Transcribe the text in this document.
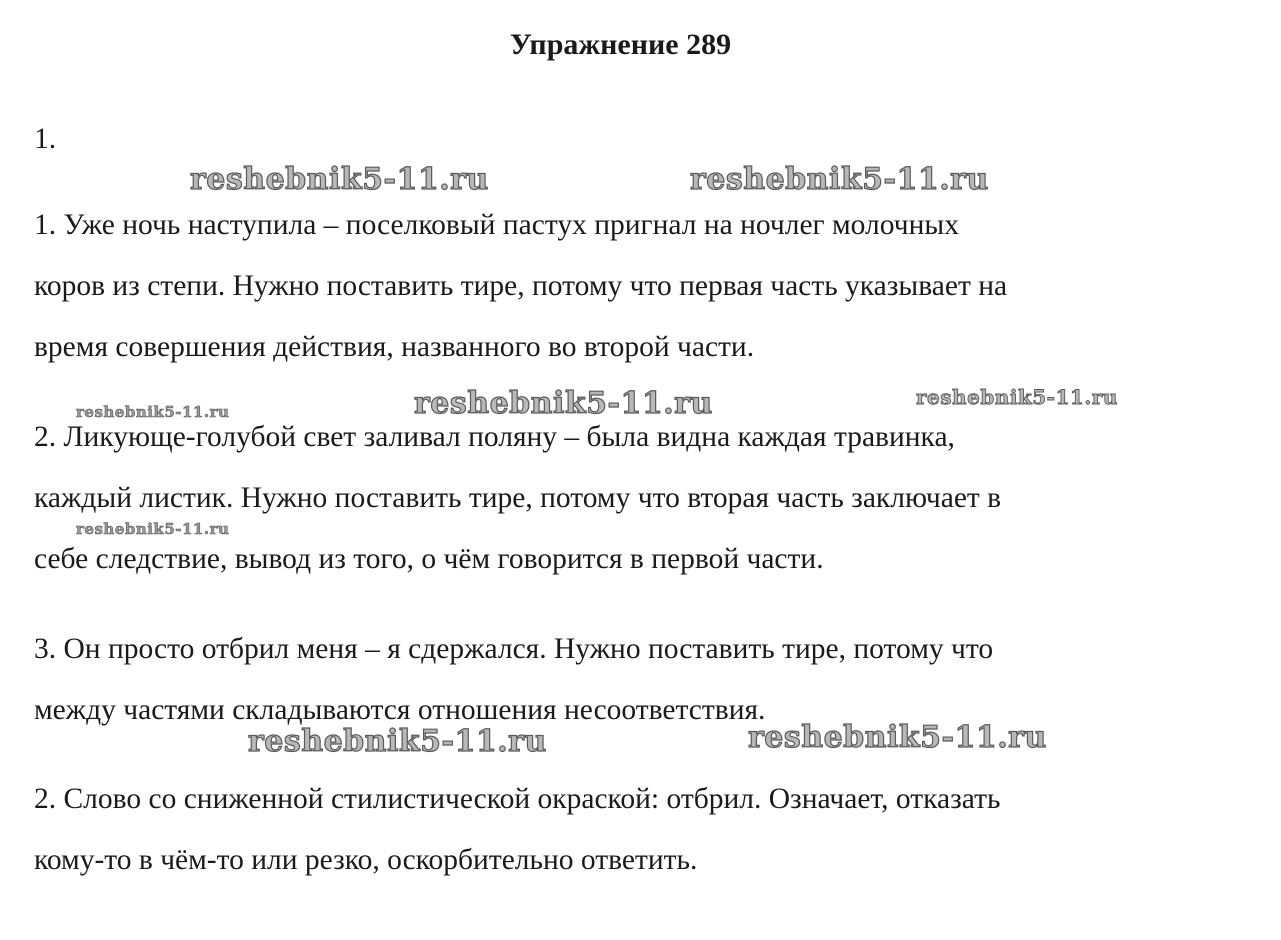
Упражнение 289
1.
reshebnik5-11.ru	reshebnik5-11.ru
1. Уже ночь наступила – поселковый пастух пригнал на ночлег молочных
коров из степи. Нужно поставить тире, потому что первая часть указывает на
время совершения действия, названного во второй части.
reshebnik5-11.ru	reshebnik5-11.ru	reshebnik5-11.ru
2. Ликующе-голубой свет заливал поляну – была видна каждая травинка,
каждый листик. Нужно поставить тире, потому что вторая часть заключает в
reshebnik5-11.ru
себе следствие, вывод из того, о чём говорится в первой части.
3. Он просто отбрил меня – я сдержался. Нужно поставить тире, потому что
между частями складываются отношения несоответствия.
reshebnik5-11.ru	reshebnik5-11.ru
2. Слово со сниженной стилистической окраской: отбрил. Означает, отказать
кому-то в чём-то или резко, оскорбительно ответить.
